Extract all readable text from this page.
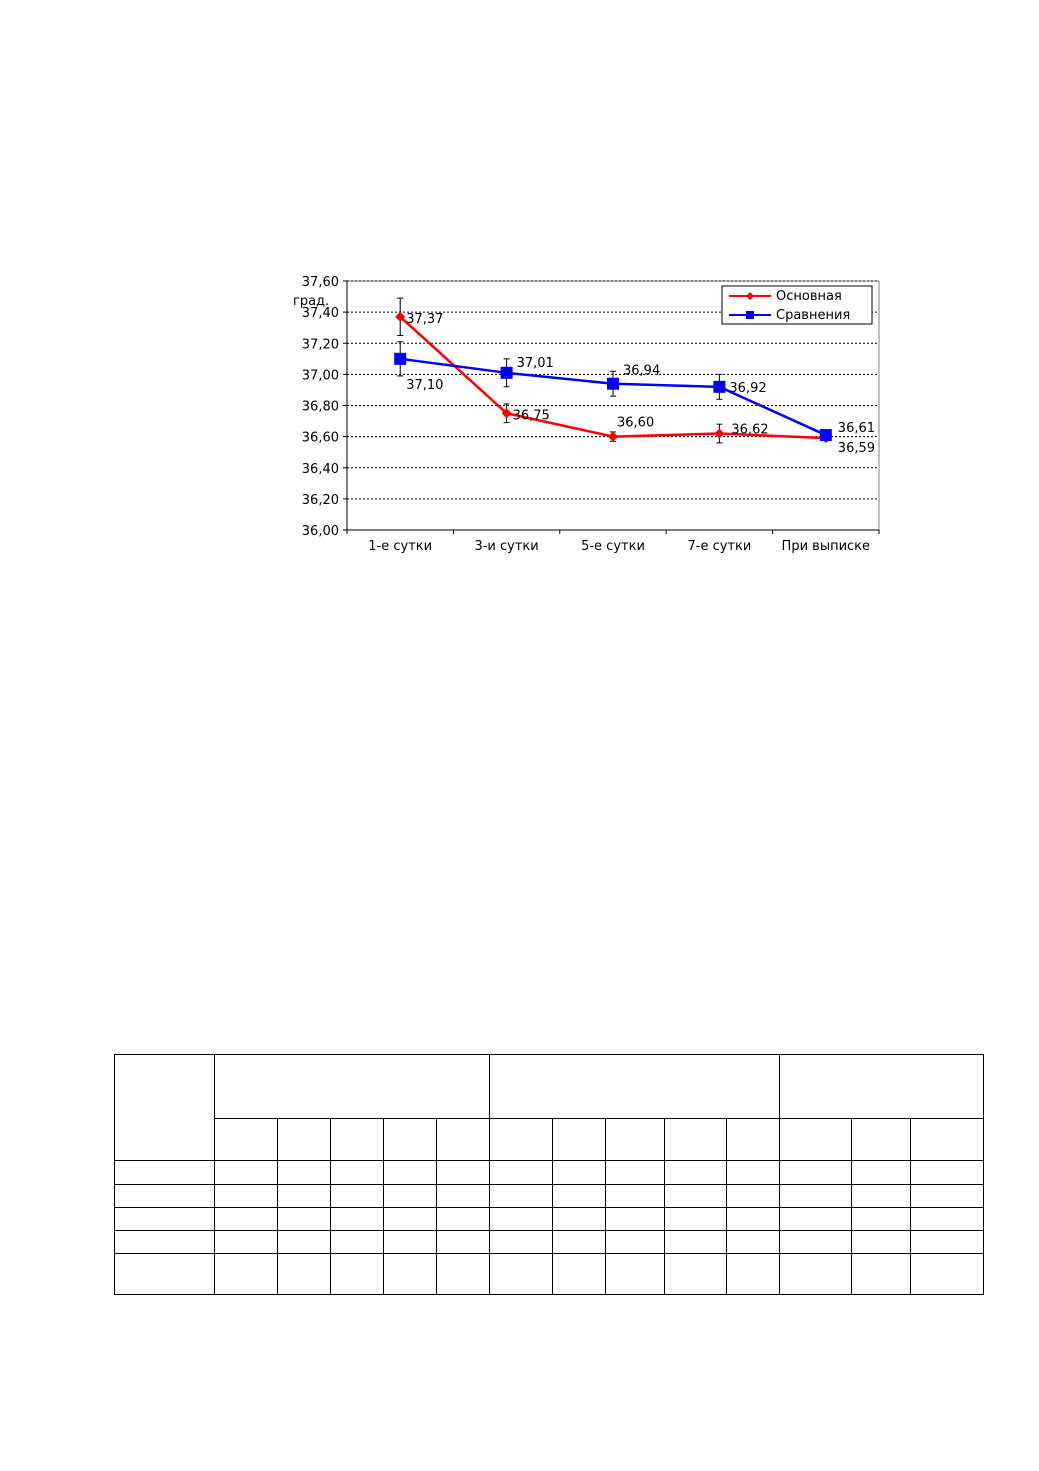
36,00
36,20
36,40
36,60
36,80
37,00
37,20
37,40
37,60
1-е сутки	3-и сутки	5-е сутки	7-е сутки При выписке
град.
37,37
36,75	36,60	36,62
36,59
37,10
37,01
36,94
36,92
36,61
Основная
Сравнения
